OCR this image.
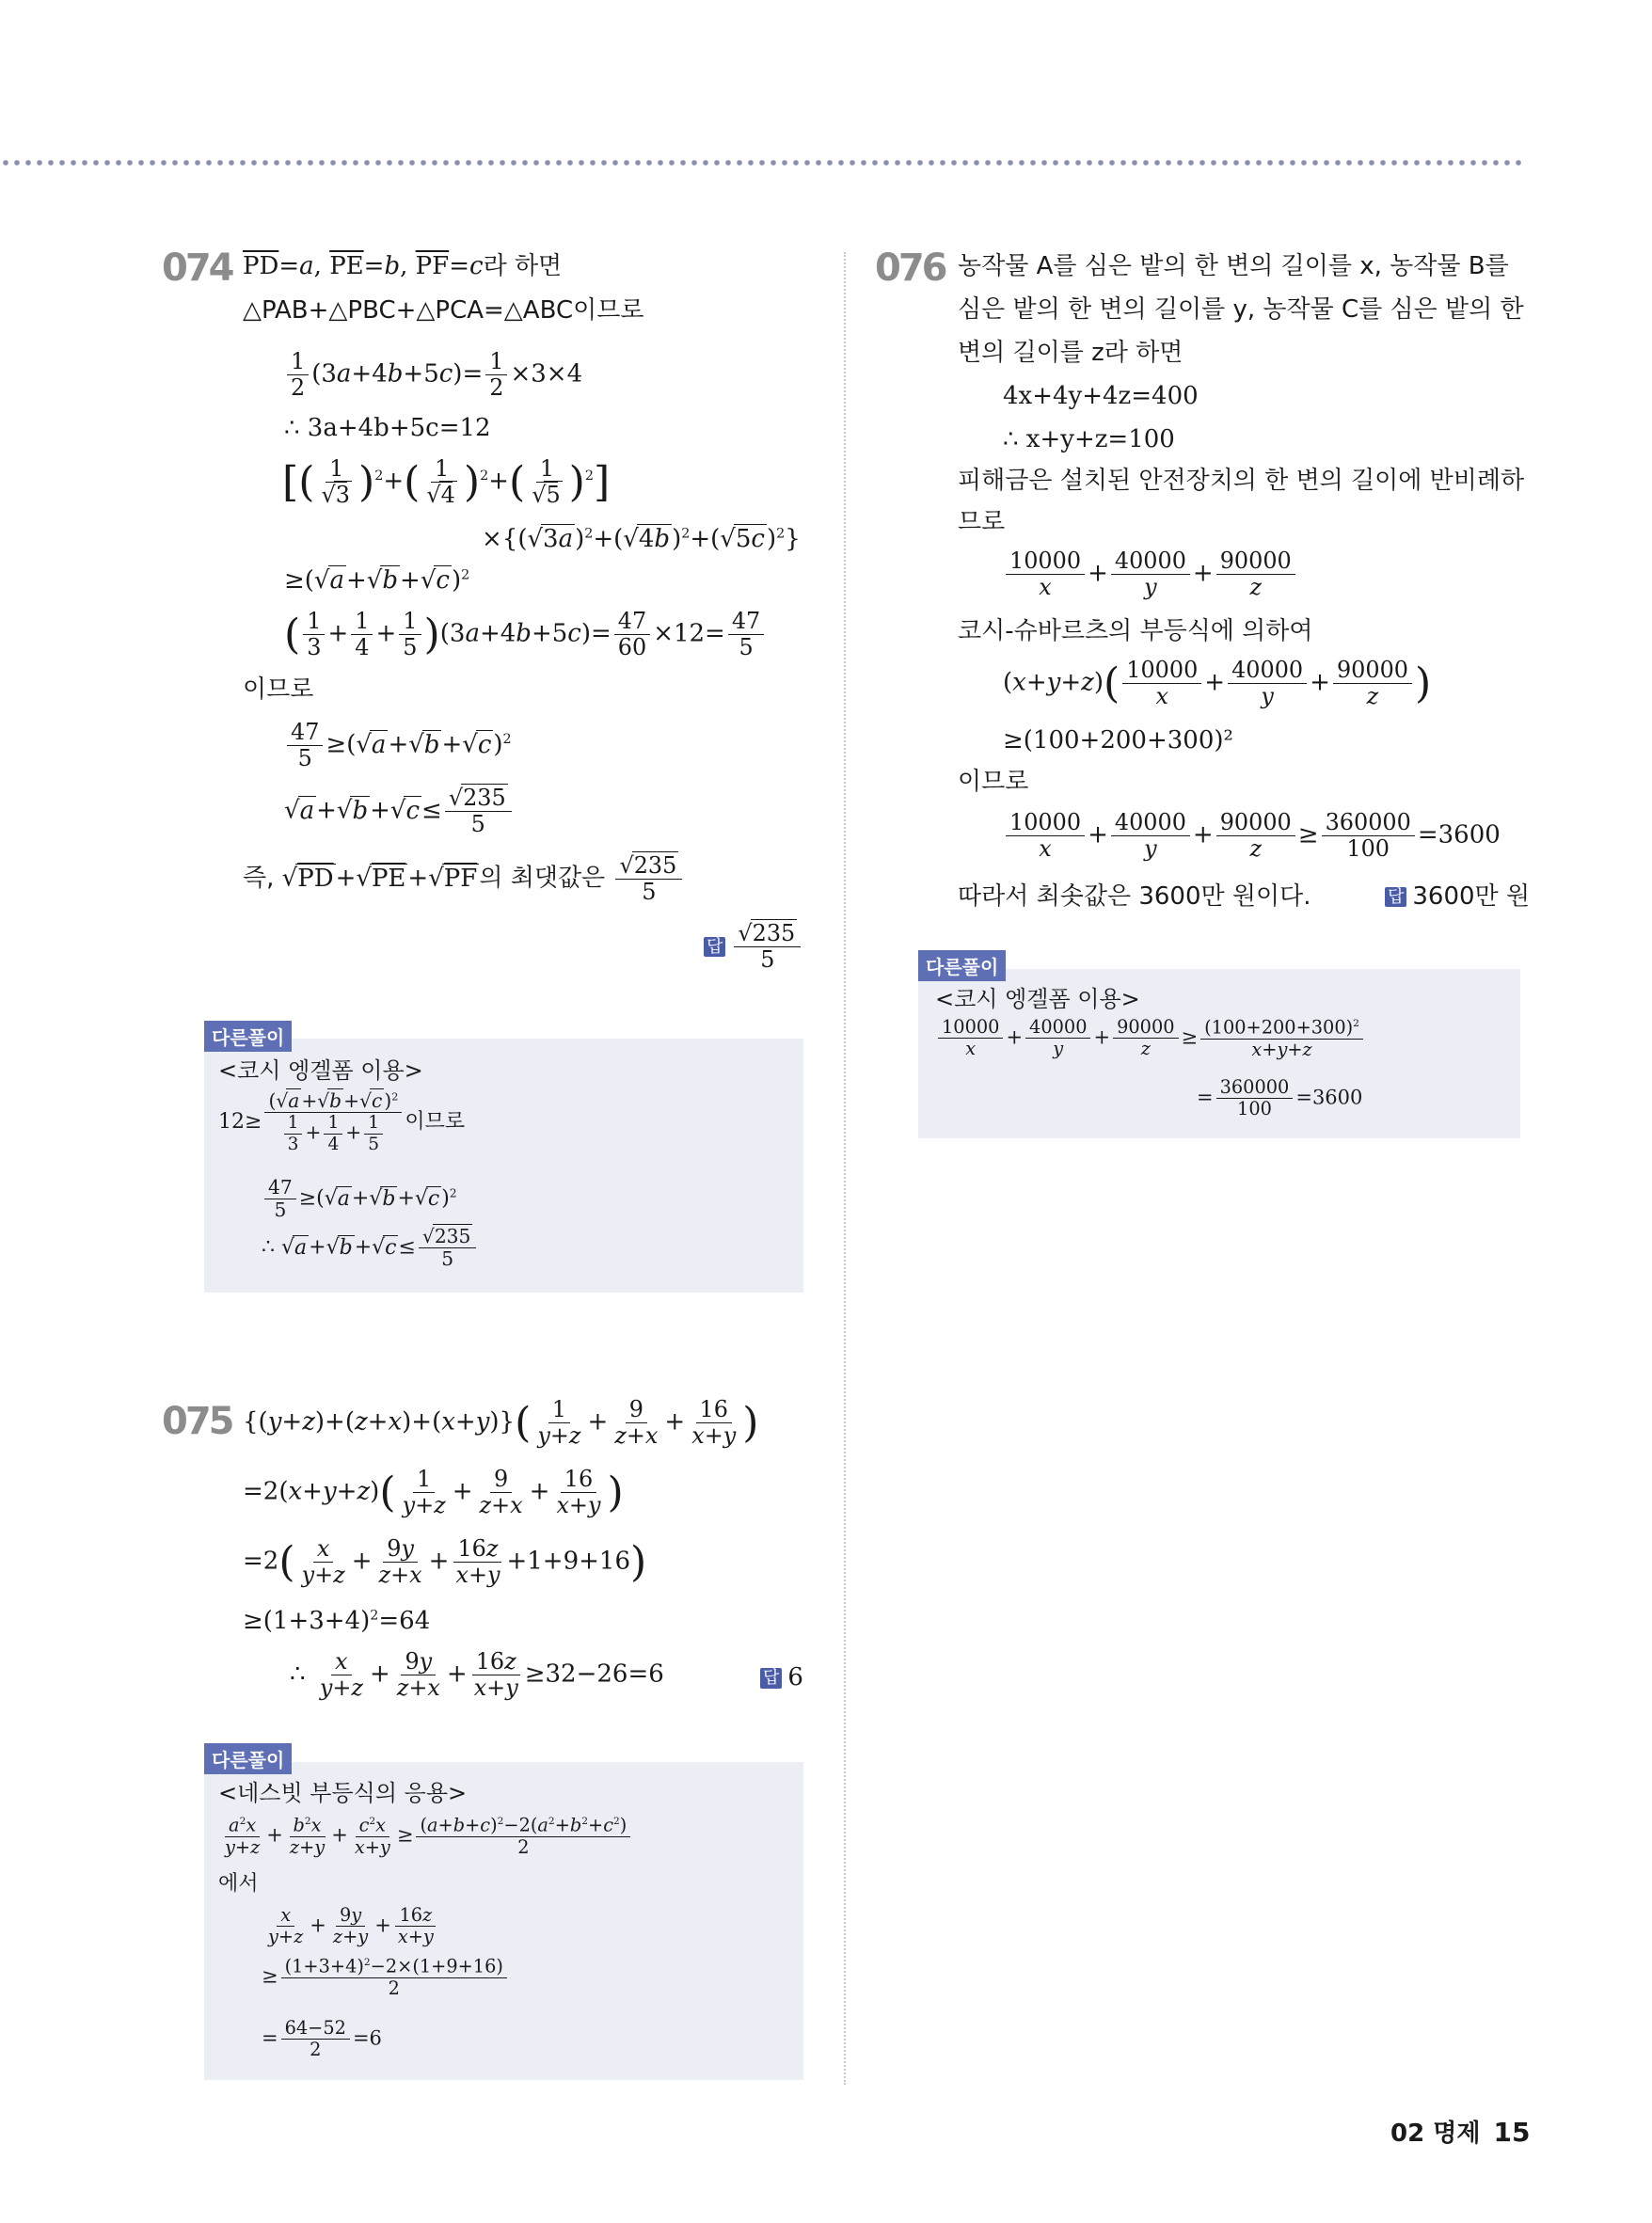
074 $\overline{PD}=a$, $\overline{PE}=b$, $\overline{PF}=c$라 하면
△PAB+△PBC+△PCA=△ABC이므로
$\frac{1}{2} (3a+4b+5c)= \frac{1}{2} \times 3\times 4$
∴ 3a+4b+5c=12
[( $\frac{1}{√3} )^2+( \frac{1}{√4} )^2+( \frac{1}{√5} )^2$]
$\times\{(√3a)^2+(√4b)^2+(√5c)^2\}$
$\ge(√a+√b+√c)^2$
( $\frac{1}{3} + \frac{1}{4} + \frac{1}{5} )(3a+4b+5c)= \frac{47}{60} \times 12= \frac{47}{5}$
이므로
$\frac{47}{5} \ge(√a+√b+√c)^2$
$√a+√b+√c\le \frac{√235}{5}$
즉, √PD+√PE+√PF의 최댓값은 $\frac{√235}{5}$
답 $\frac{√235}{5}$
다른풀이
<코시 엥겔폼 이용>
$12\ge \frac{(√a+√b+√c)^2}{\frac{1}{3} + \frac{1}{4} + \frac{1}{5}}$ 이므로
$\frac{47}{5} \ge(√a+√b+√c)^2$
∴ $√a+√b+√c\le \frac{√235}{5}$
075 $\{(y+z)+(z+x)+(x+y)\}( \frac{1}{y+z} + \frac{9}{z+x} + \frac{16}{x+y}$ )
$=2(x+y+z)( \frac{1}{y+z} + \frac{9}{z+x} + \frac{16}{x+y}$ )
$=2( \frac{x}{y+z} + \frac{9y}{z+x} + \frac{16z}{x+y} +1+9+16)$
$\ge(1+3+4)^2=64$
∴ $\frac{x}{y+z} + \frac{9y}{z+x} + \frac{16z}{x+y} \ge 32-26=6$	답 6
다른풀이
<네스빗 부등식의 응용>
$\frac{a^2x}{y+z} + \frac{b^2x}{z+y} + \frac{c^2x}{x+y} \ge \frac{(a+b+c)^2-2(a^2+b^2+c^2)}{2}$
에서
$\frac{x}{y+z} + \frac{9y}{z+y} + \frac{16z}{x+y}$
≥ $\frac{(1+3+4)^2-2\times(1+9+16)}{2}$
= $\frac{64-52}{2} =6$
076 농작물 A를 심은 밭의 한 변의 길이를 x, 농작물 B를
심은 밭의 한 변의 길이를 y, 농작물 C를 심은 밭의 한
변의 길이를 z라 하면
4x+4y+4z=400
∴ x+y+z=100
피해금은 설치된 안전장치의 한 변의 길이에 반비례하
므로
$\frac{10000}{x} + \frac{40000}{y} + \frac{90000}{z}$
코시-슈바르츠의 부등식에 의하여
$(x+y+z)( \frac{10000}{x} + \frac{40000}{y} + \frac{90000}{z}$ )
≥(100+200+300)²
이므로
$\frac{10000}{x} + \frac{40000}{y} + \frac{90000}{z} \ge \frac{360000}{100} =3600$
따라서 최솟값은 3600만 원이다.	답 3600만 원
다른풀이
<코시 엥겔폼 이용>
$\frac{10000}{x} + \frac{40000}{y} + \frac{90000}{z} \ge \frac{(100+200+300)^2}{x+y+z}$
= $\frac{360000}{100} =3600$
02 명제 15
